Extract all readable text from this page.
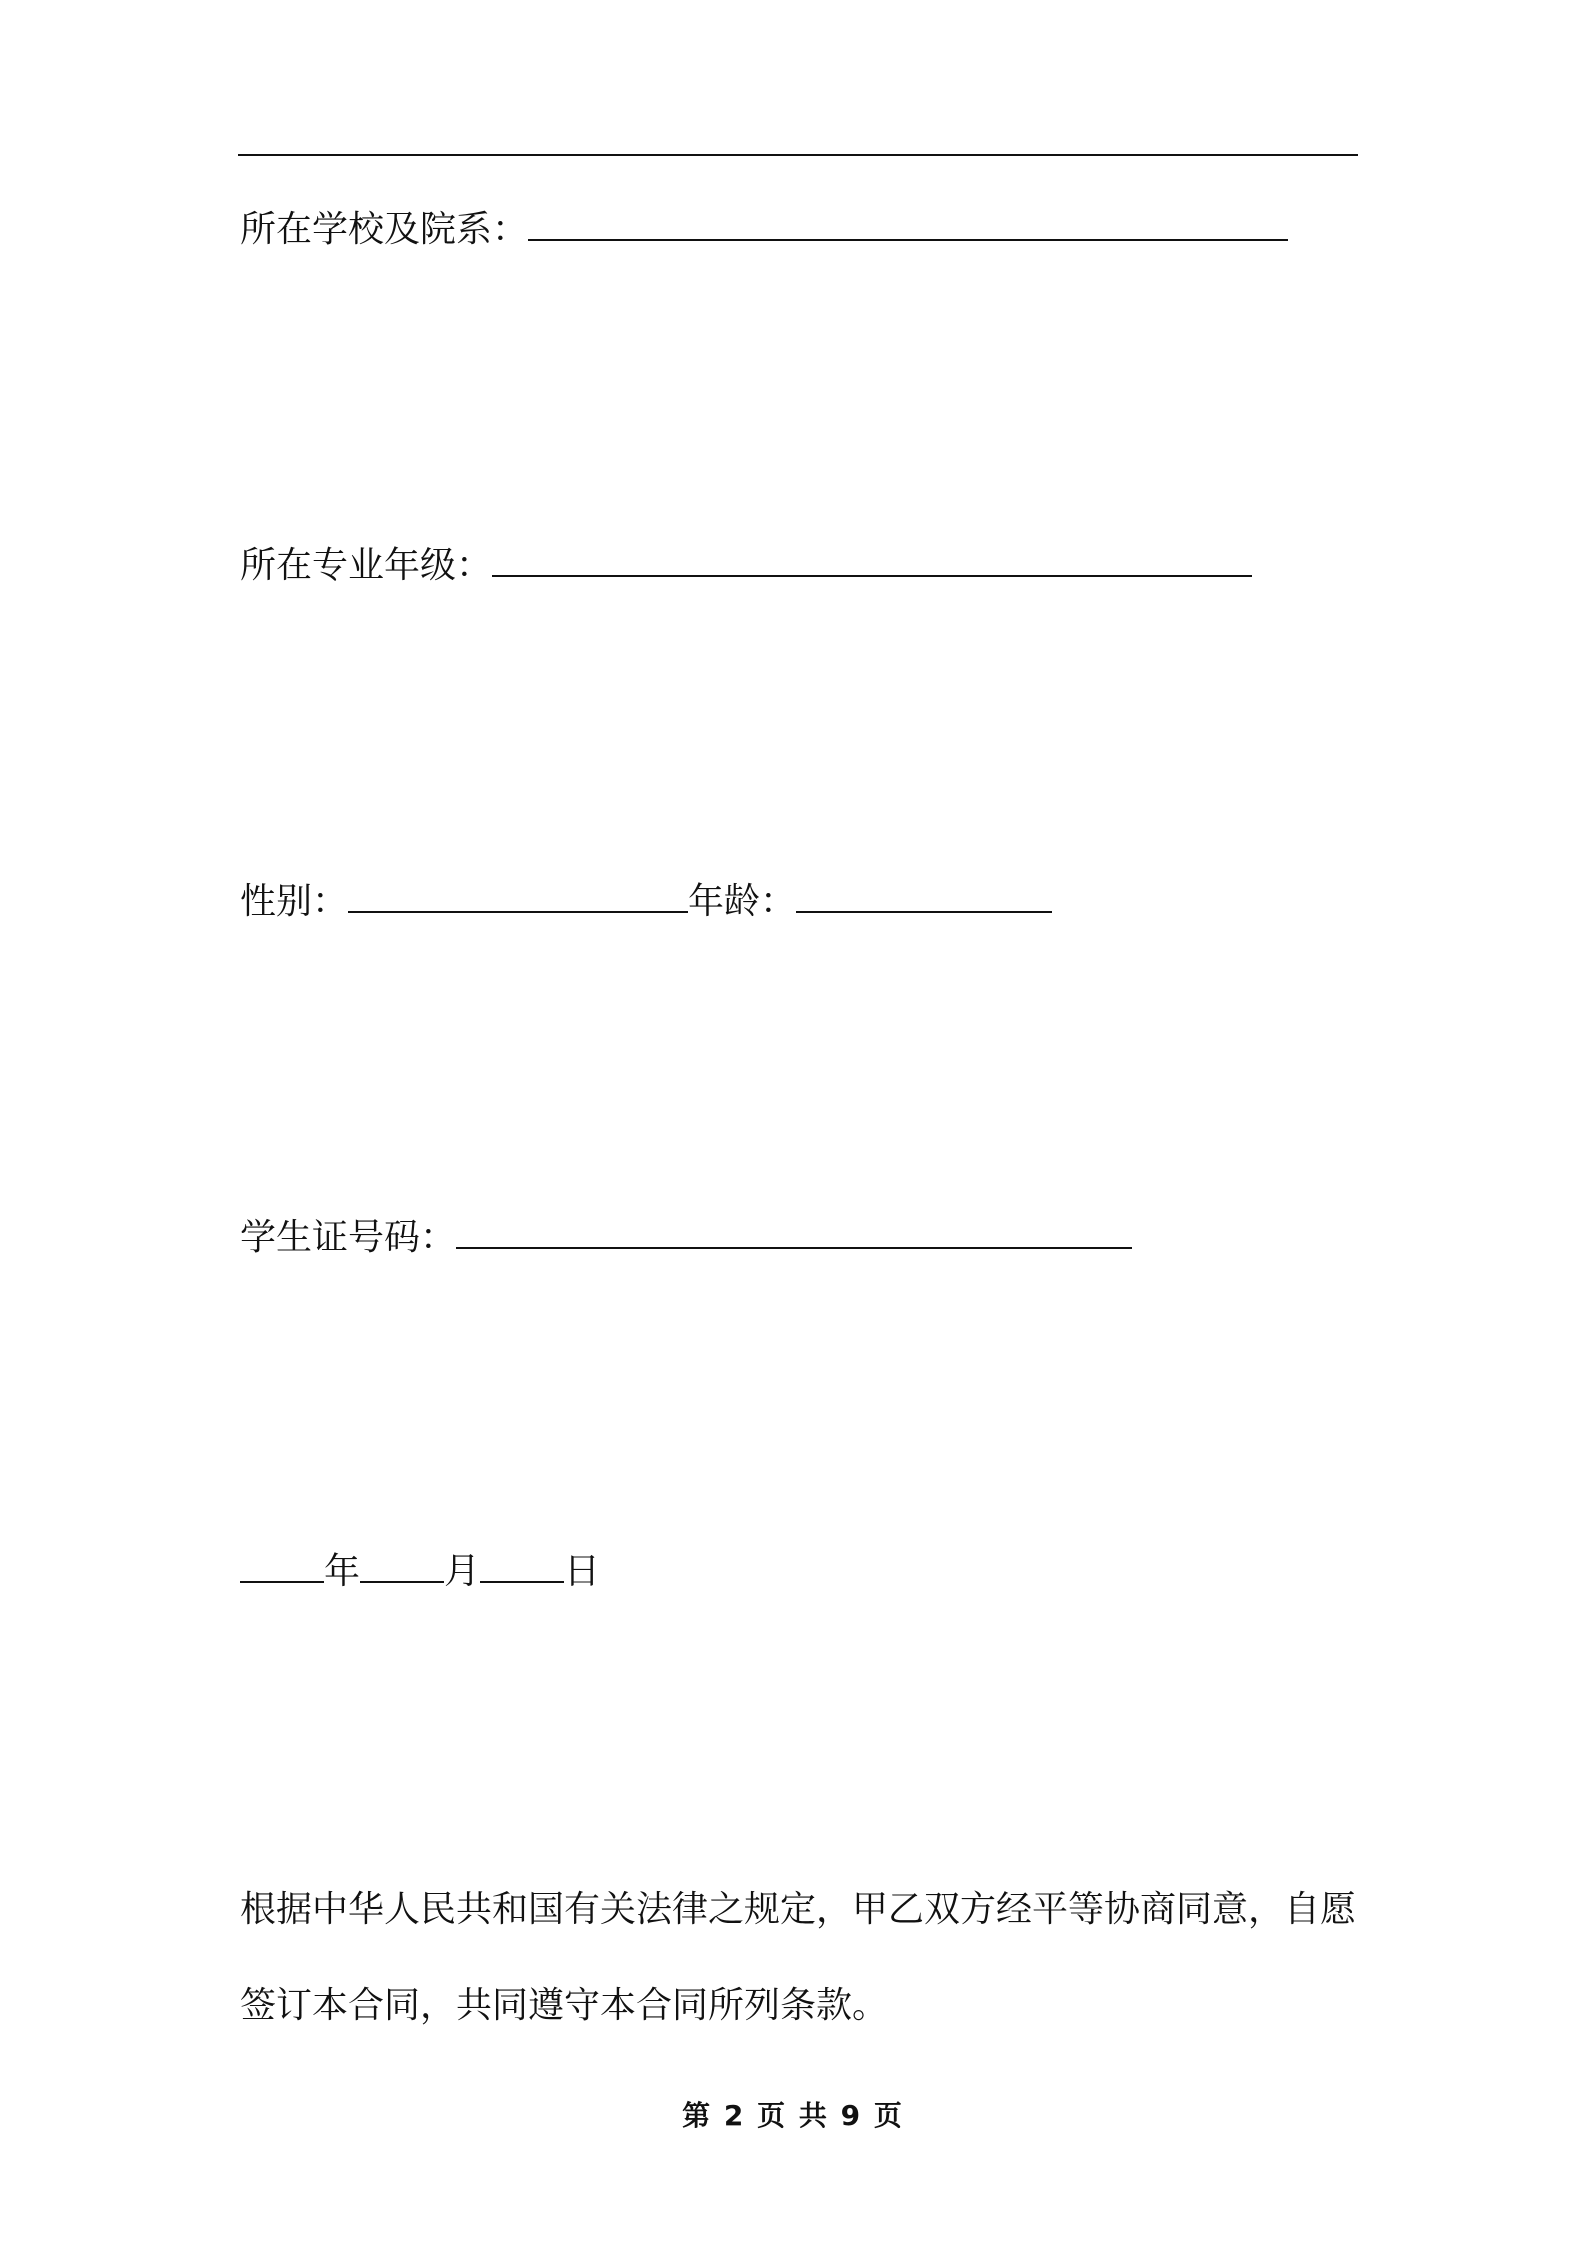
所在学校及院系：
所在专业年级：
性别：	年龄：
学生证号码：
年 月 日
根据中华人民共和国有关法律之规定，甲乙双方经平等协商同意，自愿签订本合同，共同遵守本合同所列条款。
第 2 页 共 9 页
